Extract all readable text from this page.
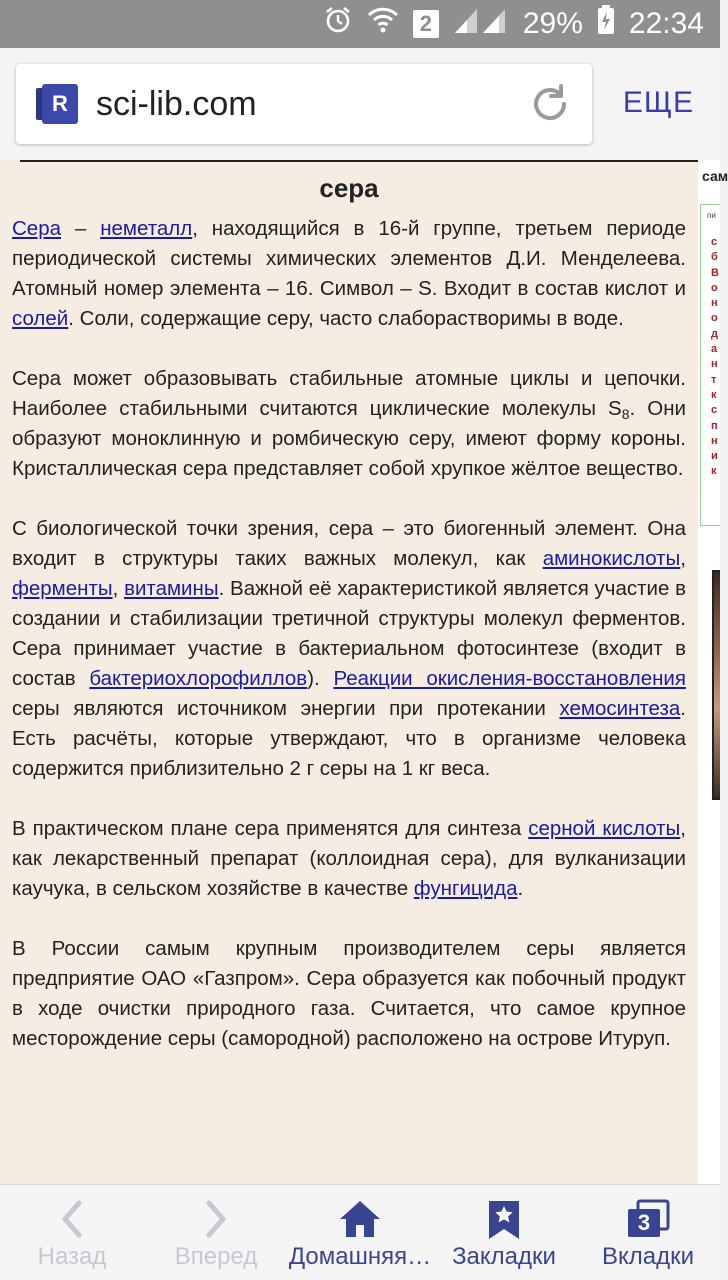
2	29% 22:34
R sci-lib.com	ЕЩЕ
сера

Сера – неметалл, находящийся в 16-й группе, третьем периоде периодической системы химических элементов Д.И. Менделеева. Атомный номер элемента – 16. Символ – S. Входит в состав кислот и солей. Соли, содержащие серу, часто слаборастворимы в воде.

Сера может образовывать стабильные атомные циклы и цепочки. Наиболее стабильными считаются циклические молекулы $S_8$. Они образуют моноклинную и ромбическую серу, имеют форму короны. Кристаллическая сера представляет собой хрупкое жёлтое вещество.

С биологической точки зрения, сера – это биогенный элемент. Она входит в структуры таких важных молекул, как аминокислоты, ферменты, витамины. Важной её характеристикой является участие в создании и стабилизации третичной структуры молекул ферментов. Сера принимает участие в бактериальном фотосинтезе (входит в состав бактериохлорофиллов). Реакции окисления-восстановления серы являются источником энергии при протекании хемосинтеза. Есть расчёты, которые утверждают, что в организме человека содержится приблизительно 2 г серы на 1 кг веса.

В практическом плане сера применятся для синтеза серной кислоты, как лекарственный препарат (коллоидная сера), для вулканизации каучука, в сельском хозяйстве в качестве фунгицида.

В России самым крупным производителем серы является предприятие ОАО «Газпром». Сера образуется как побочный продукт в ходе очистки природного газа. Считается, что самое крупное месторождение серы (самородной) расположено на острове Итуруп.

сам
пи
сбВонодантксп ник
Назад	Вперед	Домашняя… Закладки
3
Вкладки
